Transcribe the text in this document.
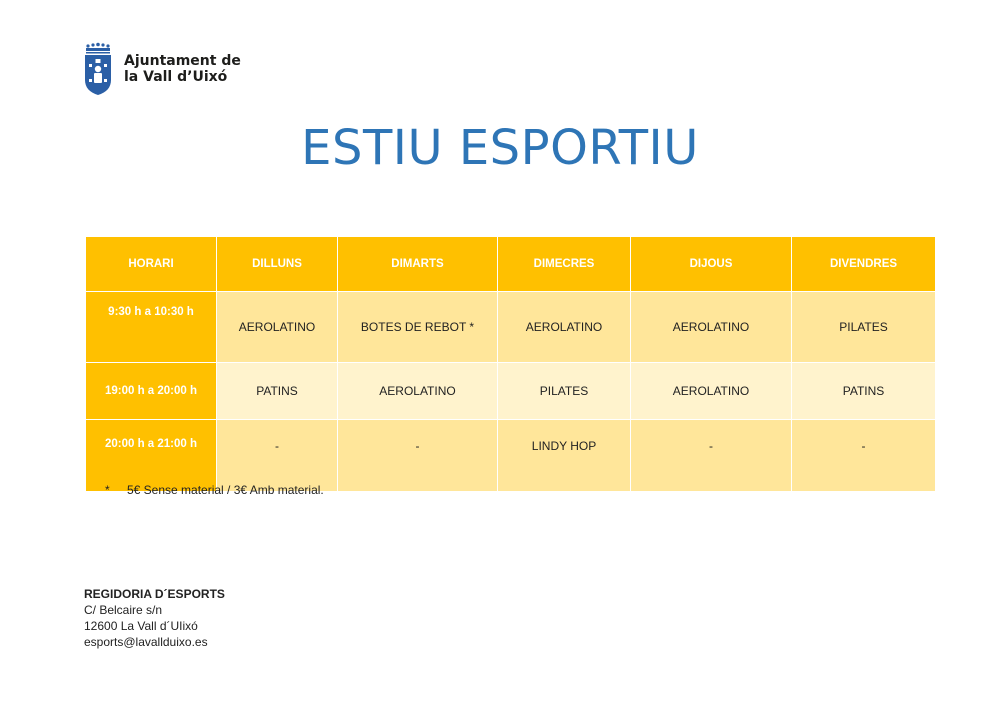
Ajuntament de
la Vall d’Uixó
ESTIU ESPORTIU
HORARI	DILLUNS	DIMARTS	DIMECRES	DIJOUS	DIVENDRES
9:30 h a 10:30 h	AEROLATINO	BOTES DE REBOT *	AEROLATINO	AEROLATINO	PILATES
19:00 h a 20:00 h	PATINS	AEROLATINO	PILATES	AEROLATINO	PATINS
20:00 h a 21:00 h	-	-	LINDY HOP	-	-
* 5€ Sense material / 3€ Amb material.
REGIDORIA D´ESPORTS
C/ Belcaire s/n
12600 La Vall d´UIixó
esports@lavallduixo.es
